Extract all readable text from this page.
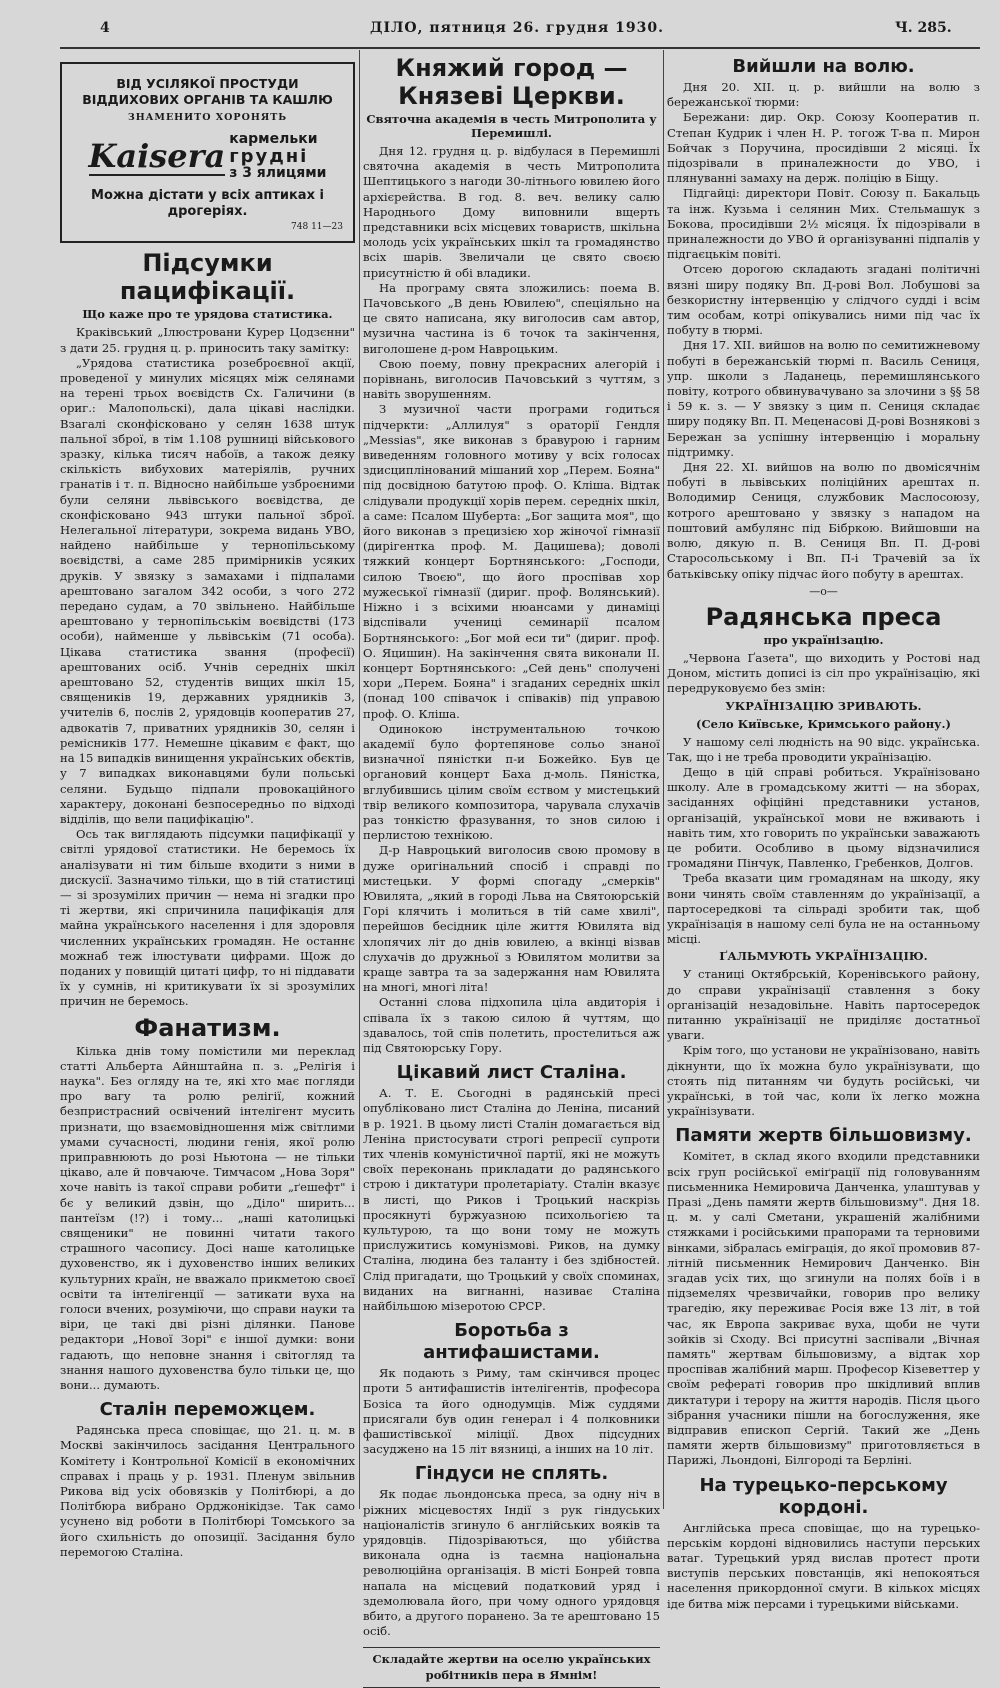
4	ДІЛО, пятниця 26. грудня 1930.	Ч. 285.
ВІД УСІЛЯКОЇ ПРОСТУДИ ВІДДИХОВИХ ОРГАНІВ ТА КАШЛЮ
ЗНАМЕНИТО ХОРОНЯТЬ
Kaisera кармельки
грудні
з 3 ялицями
Можна дістати у всіх аптиках і дрогеріях.
748 11—23
Підсумки пацифікації.
Що каже про те урядова статистика.

Краківський „Ілюстровани Курер Цодзєнни" з дати 25. грудня ц. р. приносить таку замітку:

„Урядова статистика розеброєвної акції, проведеної у минулих місяцях між селянами на терені трьох воєвідств Сх. Галичини (в ориг.: Малопольскі), дала цікаві наслідки. Взагалі сконфісковано у селян 1638 штук пальної зброї, в тім 1.108 рушниці військового зразку, кілька тисяч набоїв, а також деяку скількість вибухових матеріялів, ручних гранатів і т. п. Відносно найбільше узброєними були селяни львівського воєвідства, де сконфісковано 943 штуки пальної зброї. Нелегальної літератури, зокрема видань УВО, найдено найбільше у тернопільському воєвідстві, а саме 285 примірників усяких друків. У звязку з замахами і підпалами арештовано загалом 342 особи, з чого 272 передано судам, а 70 звільнено. Найбільше арештовано у тернопільськім воєвідстві (173 особи), найменше у львівськім (71 особа). Цікава статистика звання (професії) арештованих осіб. Учнів середніх шкіл арештовано 52, студентів вищих шкіл 15, священиків 19, державних урядників 3, учителів 6, послів 2, урядовців кооператив 27, адвокатів 7, приватних урядників 30, селян і ремісників 177. Немешне цікавим є факт, що на 15 випадків винищення українських обєктів, у 7 випадках виконавцями були польські селяни. Будьщо пiдпали провокаційного характеру, доконані безпосередньо по відході відділів, що вели пацифікацію".

Ось так виглядають підсумки пацифікації у світлі урядової статистики. Не беремось їх аналізувати ні тим більше входити з ними в дискусії. Зазначимо тільки, що в тій статистиці — зі зрозумілих причин — нема ні згадки про ті жертви, які спричинила пацифікація для майна українського населення і для здоровля численних українських громадян. Не останнє можнаб теж ілюстувати цифрами. Щож до поданих у повищій цитаті цифр, то ні піддавати їх у сумнів, ні критикувати їх зі зрозумілих причин не беремось.

Фанатизм.

Кілька днів тому помістили ми переклад статті Альберта Айнштайна п. з. „Релігія і наука". Без огляду на те, які хто має погляди про вагу та ролю релігії, кожний безпристрасний освічений інтелігент мусить признати, що взаємовідношення між світлими умами сучасності, людини генія, якої ролю приправнюють до розі Ньютона — не тільки цікаво, але й повчаюче. Тимчасом „Нова Зоря" хоче навіть із такої справи робити „ґешефт" і бє у великий дзвін, що „Діло" ширить... пантеїзм (!?) і тому... „наші католицькі священики" не повинні читати такого страшного часопису. Досі наше католицьке духовенство, як і духовенство інших великих культурних країн, не вважало прикметою своєї освіти та інтелігенції — затикати вуха на голоси вчених, розуміючи, що справи науки та віри, це такі дві різні ділянки. Панове редактори „Нової Зорі" є іншої думки: вони гадають, що неповне знання і світогляд та знання нашого духовенства було тільки це, що вони... думають.

Сталін переможцем.

Радянська преса сповіщає, що 21. ц. м. в Москві закінчилось засідання Центрального Комітету і Контрольної Комісії в економічних справах і праць у р. 1931. Пленум звільнив Рикова від усіх обовязків у Політбюрі, а до Політбюра вибрано Орджонікідзе. Так само усунено від роботи в Політбюрі Томського за його схильність до опозиції. Засідання було перемогою Сталіна.

Княжий город — Князеві Церкви.
Святочна академія в честь Митрополита у Перемишлі.

Дня 12. грудня ц. р. відбулася в Перемишлі святочна академія в честь Митрополита Шептицького з нагоди 30-літнього ювилею його архієрейства. В год. 8. веч. велику салю Народнього Дому виповнили вщерть представники всіх місцевих товариств, шкільна молодь усіх українських шкіл та громадянство всіх шарів. Звеличали це свято своєю присутністю й обі владики.

На програму свята зложились: поема В. Пачовського „В день Ювилею", спеціяльно на це свято написана, яку виголосив сам автор, музична частина із 6 точок та закінчення, виголошене д-ром Навроцьким.

Свою поему, повну прекрасних алегорій і порівнань, виголосив Пачовський з чуттям, з навіть зворушенням.

З музичної части програми годиться підчеркти: „Аллилуя" з ораторії Гендля „Messias", яке виконав з бравурою і гарним виведенням головного мотиву у всіх голосах здисциплінований мішаний хор „Перем. Бояна" під досвідною батутою проф. О. Кліша. Відтак слідували продукції хорів перем. середніх шкіл, а саме: Псалом Шуберта: „Бог защита моя", що його виконав з прецизією хор жіночої гімназії (дирігентка проф. М. Дацишева); доволі тяжкий концерт Бортнянського: „Господи, силою Твоєю", що його проспівав хор мужеської гімназії (дириг. проф. Волянський). Ніжно і з всіхими нюансами у динаміці відспівали учениці семинарії псалом Бортнянського: „Бог мой еси ти" (дириг. проф. О. Яцишин). На закінчення свята виконали II. концерт Бортнянського: „Сей день" сполучені хори „Перем. Бояна" і згаданих середніх шкіл (понад 100 співачок і співаків) під управою проф. О. Кліша.

Одинокою інструментальною точкою академії було фортепянове сольо знаної визначної пяністки п-и Божейко. Був це органовий концерт Баха д-моль. Пяністка, вглубившись цілим своїм єством у мистецький твір великого композитора, чарувала слухачів раз тонкістю фразування, то знов силою і перлистою технікою.

Д-р Навроцький виголосив свою промову в дуже оригінальний спосіб і справді по мистецьки. У формі спогаду „смерків" Ювилята, „який в городі Льва на Святоюрській Горі клячить і молиться в тій саме хвилі", перейшов бесідник ціле життя Ювилята від хлопячих літ до днів ювилею, а вкінці візвав слухачів до дружньої з Ювилятом молитви за краще завтра та за задержання нам Ювилята на многі, многі літа!

Останні слова підхопила ціла авдиторія і співала їх з такою силою й чуттям, що здавалось, той спів полетить, простелиться аж під Святоюрську Гору.

Цікавий лист Сталіна.

А. Т. Е. Сьогодні в радянській пресі опубліковано лист Сталіна до Леніна, писаний в р. 1921. В цьому листі Сталін домагається від Леніна пристосувати строгі репресії супроти тих членів комуністичної партії, які не можуть своїх переконань прикладати до радянського строю і диктатури пролетаріату. Сталін вказує в листі, що Риков і Троцький наскрізь просякнуті буржуазною психольогією та культурою, та що вони тому не можуть прислужитись комунізмові. Риков, на думку Сталіна, людина без таланту і без здібностей. Слід пригадати, що Троцький у своїх споминах, виданих на вигнанні, називає Сталіна найбільшою мізеротою СРСР.

Боротьба з антифашистами.

Як подають з Риму, там скінчився процес проти 5 антифашистів інтелігентів, професора Бозіса та його однодумців. Між суддями присягали був один генерал і 4 полковники фашистівської міліції. Двох підсудних засуджено на 15 літ вязниці, а інших на 10 літ.

Гіндуси не сплять.

Як подає льондонська преса, за одну ніч в ріжних місцевостях Індії з рук гіндуських націоналістів згинуло 6 англійських вояків та урядовців. Підозріваються, що убійства виконала одна із таємна національна революційна організація. В місті Бонрей товпа напала на місцевий податковий уряд і здемолювала його, при чому одного урядовця вбито, а другого поранено. За те арештовано 15 осіб.

Складайте жертви на оселю українських робітників пера в Ямнім!
Вийшли на волю.

Дня 20. XII. ц. р. вийшли на волю з бережанської тюрми:

Бережани: дир. Окр. Союзу Кооператив п. Степан Кудрик і член Н. Р. тогож Т-ва п. Мирон Бойчак з Поручина, просидівши 2 місяці. Їх підозрівали в приналежности до УВО, і плянуванні замаху на держ. поліцію в Біщу.

Підгайці: директори Повіт. Союзу п. Бакальць та інж. Кузьма і селянин Мих. Стельмашук з Бокова, просидівши 2½ місяця. Їх підозрівали в приналежности до УВО й організуванні підпалів у підгаєцькім повіті.

Отсею дорогою складають згадані політичні вязні ширу подяку Вп. Д-рові Вол. Лобушові за безкористну інтервенцію у слідчого судді і всім тим особам, котрі опікувались ними під час їх побуту в тюрмі.

Дня 17. XII. вийшов на волю по семитижневому побуті в бережанській тюрмі п. Василь Сениця, упр. школи з Ладанець, перемишлянського повіту, котрого обвинувачувано за злочини з §§ 58 і 59 к. з. — У звязку з цим п. Сениця складає ширу подяку Вп. П. Меценасові Д-рові Вознякові з Бережан за успішну інтервенцію і моральну підтримку.

Дня 22. XI. вийшов на волю по двомісячнім побуті в львівських поліційних арештах п. Володимир Сениця, службовик Маслосоюзу, котрого арештовано у звязку з нападом на поштовий амбулянс під Бібркою. Вийшовши на волю, дякую п. В. Сениця Вп. П. Д-рові Старосольському і Вп. П-і Трачевій за їх батьківську опіку підчас його побуту в арештах.

—o—
Радянська преса
про українізацію.

„Червона Ґазета", що виходить у Ростові над Доном, містить дописі із сіл про українізацію, які передруковуємо без змін:

УКРАЇНІЗАЦІЮ ЗРИВАЮТЬ.
(Село Київське, Кримського району.)

У нашому селі людність на 90 відс. українська. Так, що і не треба проводити українізацію.

Дещо в цій справі робиться. Українізовано школу. Але в громадському житті — на зборах, засіданнях офіційні представники установ, організацій, української мови не вживають і навіть тим, хто говорить по українськи заважають це робити. Особливо в цьому відзначилися громадяни Пінчук, Павленко, Гребенков, Долгов.

Треба вказати цим громадянам на шкоду, яку вони чинять своїм ставленням до українізації, а партосередкові та сільраді зробити так, щоб українізація в нашому селі була не на останньому місці.

ҐАЛЬМУЮТЬ УКРАЇНІЗАЦІЮ.

У станиці Октябрській, Коренівського району, до справи українізації ставлення з боку організацій незадовільне. Навіть партосередок питанню українізації не приділяє достатньої уваги.

Крім того, що установи не українізовано, навіть дікнунти, що їх можна було українізувати, що стоять під питанням чи будуть російські, чи українські, в той час, коли їх легко можна українізувати.

Памяти жертв більшовизму.

Комітет, в склад якого входили представники всіх груп російської еміґрації під головуванням письменника Немировича Данченка, улаштував у Празі „День памяти жертв більшовизму". Дня 18. ц. м. у салі Сметани, украшеній жалібними стяжками і російськими прапорами та терновими вінками, зібралась еміграція, до якої промовив 87-літній письменник Немирович Данченко. Він згадав усіх тих, що згинули на полях боїв і в підземелях чрезвичайки, говорив про велику трагедію, яку переживає Росія вже 13 літ, в той час, як Европа закриває вуха, щоби не чути зойків зі Сходу. Всі присутні заспівали „Вічная память" жертвам більшовизму, а відтак хор проспівав жалібний марш. Професор Кізеветтер у своїм рефераті говорив про шкідливий вплив диктатури і терору на життя народів. Після цього зібрання учасники пішли на богослуження, яке відправив епископ Сергій. Такий же „День памяти жертв більшовизму" приготовляється в Парижі, Льондоні, Білгороді та Берліні.

На турецько-перському кордоні.

Англійська преса сповіщає, що на турецько-перськім кордоні відновились наступи перських ватаг. Турецький уряд вислав протест проти виступів перських повстанців, які непокояться населення прикордонної смуги. В кількох місцях іде битва між персами і турецькими військами.
